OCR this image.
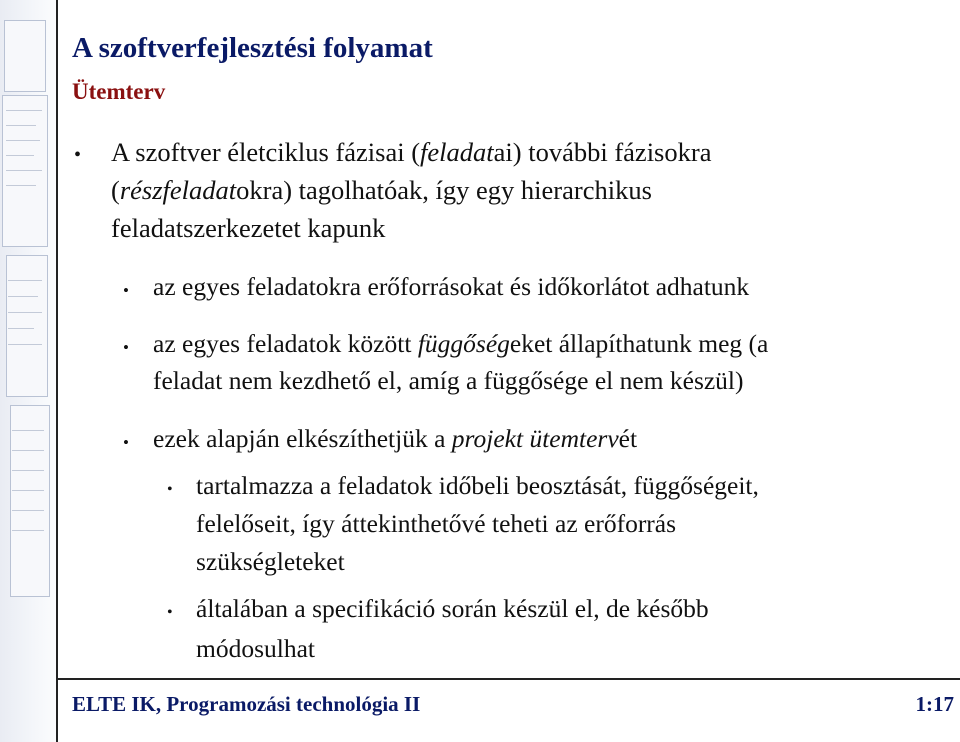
A szoftverfejlesztési folyamat
Ütemterv
• A szoftver életciklus fázisai (feladatai) további fázisokra
(részfeladatokra) tagolhatóak, így egy hierarchikus
feladatszerkezetet kapunk
• az egyes feladatokra erőforrásokat és időkorlátot adhatunk
• az egyes feladatok között függőségeket állapíthatunk meg (a
feladat nem kezdhető el, amíg a függősége el nem készül)
• ezek alapján elkészíthetjük a projekt ütemtervét
• tartalmazza a feladatok időbeli beosztását, függőségeit,
felelőseit, így áttekinthetővé teheti az erőforrás
szükségleteket
• általában a specifikáció során készül el, de később
módosulhat
ELTE IK, Programozási technológia II	1:17
